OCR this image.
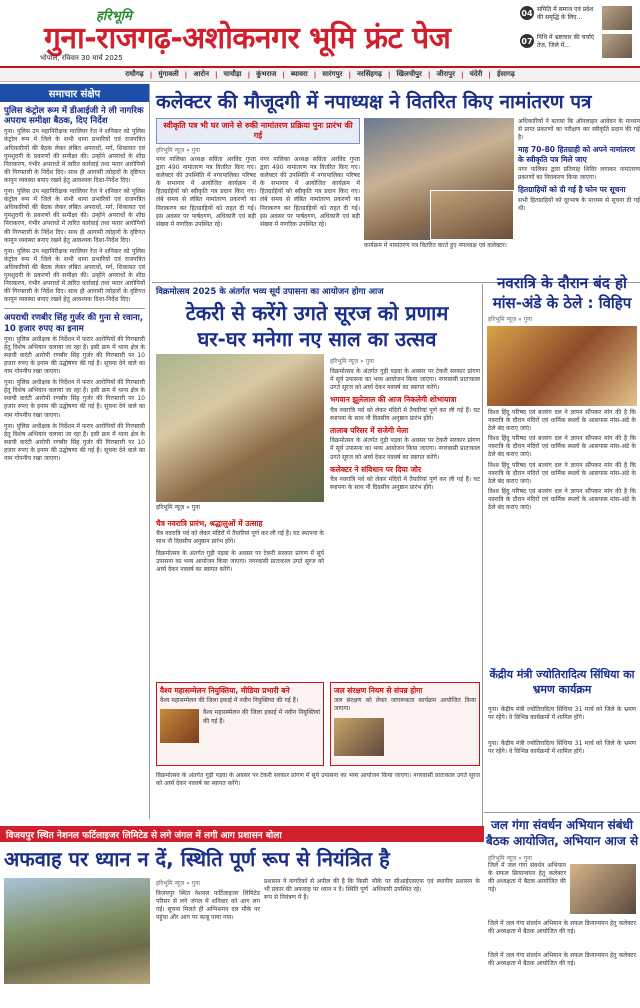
हरिभूमि
गुना-राजगढ़-अशोकनगर भूमि फ्रंट पेज
भोपाल, रविवार 30 मार्च 2025
04 समिति में समाज एवं प्रदेश की समृद्धि के लिए...
07 निधि में भ्रष्टाचार की चर्चाएं तेज, जिले में...
राघौगढ़ | मुंगावली | आरोन | चाचौड़ा | कुंभराज | ब्यावरा | सारंगपुर | नरसिंहगढ़ | खिलचीपुर | जीरापुर | चंदेरी | ईसागढ़
समाचार संक्षेप
पुलिस कंट्रोल रूम में डीआईजी ने ली नागरिक अपराध समीक्षा बैठक, दिए निर्देश
गुना। पुलिस उप महानिरीक्षक ग्वालियर रेंज ने शनिवार को पुलिस कंट्रोल रूम में जिले के सभी थाना प्रभारियों एवं राजपत्रित अधिकारियों की बैठक लेकर लंबित अपराधों, मर्ग, शिकायत एवं गुमशुदगी के प्रकरणों की समीक्षा की। उन्होंने अपराधों के शीघ्र निराकरण, गंभीर अपराधों में त्वरित कार्रवाई तथा फरार आरोपियों की गिरफ्तारी के निर्देश दिए। साथ ही आगामी त्योहारों के दृष्टिगत कानून व्यवस्था बनाए रखने हेतु आवश्यक दिशा-निर्देश दिए।
गुना। पुलिस उप महानिरीक्षक ग्वालियर रेंज ने शनिवार को पुलिस कंट्रोल रूम में जिले के सभी थाना प्रभारियों एवं राजपत्रित अधिकारियों की बैठक लेकर लंबित अपराधों, मर्ग, शिकायत एवं गुमशुदगी के प्रकरणों की समीक्षा की। उन्होंने अपराधों के शीघ्र निराकरण, गंभीर अपराधों में त्वरित कार्रवाई तथा फरार आरोपियों की गिरफ्तारी के निर्देश दिए। साथ ही आगामी त्योहारों के दृष्टिगत कानून व्यवस्था बनाए रखने हेतु आवश्यक दिशा-निर्देश दिए।
गुना। पुलिस उप महानिरीक्षक ग्वालियर रेंज ने शनिवार को पुलिस कंट्रोल रूम में जिले के सभी थाना प्रभारियों एवं राजपत्रित अधिकारियों की बैठक लेकर लंबित अपराधों, मर्ग, शिकायत एवं गुमशुदगी के प्रकरणों की समीक्षा की। उन्होंने अपराधों के शीघ्र निराकरण, गंभीर अपराधों में त्वरित कार्रवाई तथा फरार आरोपियों की गिरफ्तारी के निर्देश दिए। साथ ही आगामी त्योहारों के दृष्टिगत कानून व्यवस्था बनाए रखने हेतु आवश्यक दिशा-निर्देश दिए।
अपराधी रणबीर सिंह गुर्जर की गुना से रवाना, 10 हजार रुपए का इनाम
गुना। पुलिस अधीक्षक के निर्देशन में फरार आरोपियों की गिरफ्तारी हेतु विशेष अभियान चलाया जा रहा है। इसी क्रम में थाना क्षेत्र के स्थायी वारंटी आरोपी रणबीर सिंह गुर्जर की गिरफ्तारी पर 10 हजार रुपए के इनाम की उद्घोषणा की गई है। सूचना देने वाले का नाम गोपनीय रखा जाएगा।
गुना। पुलिस अधीक्षक के निर्देशन में फरार आरोपियों की गिरफ्तारी हेतु विशेष अभियान चलाया जा रहा है। इसी क्रम में थाना क्षेत्र के स्थायी वारंटी आरोपी रणबीर सिंह गुर्जर की गिरफ्तारी पर 10 हजार रुपए के इनाम की उद्घोषणा की गई है। सूचना देने वाले का नाम गोपनीय रखा जाएगा।
गुना। पुलिस अधीक्षक के निर्देशन में फरार आरोपियों की गिरफ्तारी हेतु विशेष अभियान चलाया जा रहा है। इसी क्रम में थाना क्षेत्र के स्थायी वारंटी आरोपी रणबीर सिंह गुर्जर की गिरफ्तारी पर 10 हजार रुपए के इनाम की उद्घोषणा की गई है। सूचना देने वाले का नाम गोपनीय रखा जाएगा।
कलेक्टर की मौजूदगी में नपाध्यक्ष ने वितरित किए नामांतरण पत्र
स्वीकृति पत्र भी घर जाने से रुकी नामांतरण प्रक्रिया पुनः प्रारंभ की गई
हरिभूमि न्यूज़ » गुना
नगर पालिका अध्यक्ष सविता अरविंद गुप्ता द्वारा 490 नामांतरण पत्र वितरित किए गए। कलेक्टर की उपस्थिति में नगरपालिका परिषद के सभागार में आयोजित कार्यक्रम में हितग्राहियों को स्वीकृति पत्र प्रदान किए गए। लंबे समय से लंबित नामांतरण प्रकरणों का निराकरण कर हितग्राहियों को राहत दी गई। इस अवसर पर पार्षदगण, अधिकारी एवं बड़ी संख्या में नागरिक उपस्थित रहे।
नगर पालिका अध्यक्ष सविता अरविंद गुप्ता द्वारा 490 नामांतरण पत्र वितरित किए गए। कलेक्टर की उपस्थिति में नगरपालिका परिषद के सभागार में आयोजित कार्यक्रम में हितग्राहियों को स्वीकृति पत्र प्रदान किए गए। लंबे समय से लंबित नामांतरण प्रकरणों का निराकरण कर हितग्राहियों को राहत दी गई। इस अवसर पर पार्षदगण, अधिकारी एवं बड़ी संख्या में नागरिक उपस्थित रहे।
कार्यक्रम में नामांतरण पत्र वितरित करते हुए नपाध्यक्ष एवं कलेक्टर।
अधिकारियों ने बताया कि ऑनलाइन आवेदन के माध्यम से प्राप्त प्रकरणों का परीक्षण कर स्वीकृति प्रदान की गई है।
माह 70-80 हितग्राही को अपने नामांतरण के स्वीकृति पत्र मिले जाए
नगर पालिका द्वारा प्रतिमाह शिविर लगाकर नामांतरण प्रकरणों का निराकरण किया जाएगा।
हितग्राहियों को दी गई है फोन पर सूचना
सभी हितग्राहियों को दूरभाष के माध्यम से सूचना दी गई थी।
विक्रमोत्सव 2025 के अंतर्गत भव्य सूर्य उपासना का आयोजन होगा आज
टेकरी से करेंगे उगते सूरज को प्रणाम
घर-घर मनेगा नए साल का उत्सव
हरिभूमि न्यूज़ » गुना
हरिभूमि न्यूज़ » गुना
विक्रमोत्सव के अंतर्गत गुड़ी पड़वा के अवसर पर टेकरी सरकार प्रांगण में सूर्य उपासना का भव्य आयोजन किया जाएगा। नगरवासी प्रातःकाल उगते सूरज को अर्घ्य देकर नववर्ष का स्वागत करेंगे।
भगवान झूलेलाल की आज निकलेगी शोभायात्रा
चैत्र नवरात्रि पर्व को लेकर मंदिरों में तैयारियां पूर्ण कर ली गई हैं। घट स्थापना के साथ नौ दिवसीय अनुष्ठान प्रारंभ होंगे।
तालाब परिसर में सजेगी मेला
विक्रमोत्सव के अंतर्गत गुड़ी पड़वा के अवसर पर टेकरी सरकार प्रांगण में सूर्य उपासना का भव्य आयोजन किया जाएगा। नगरवासी प्रातःकाल उगते सूरज को अर्घ्य देकर नववर्ष का स्वागत करेंगे।
कलेक्टर ने संविधान पर दिया जोर
चैत्र नवरात्रि पर्व को लेकर मंदिरों में तैयारियां पूर्ण कर ली गई हैं। घट स्थापना के साथ नौ दिवसीय अनुष्ठान प्रारंभ होंगे।
चैत्र नवरात्रि प्रारंभ, श्रद्धालुओं में उत्साह
चैत्र नवरात्रि पर्व को लेकर मंदिरों में तैयारियां पूर्ण कर ली गई हैं। घट स्थापना के साथ नौ दिवसीय अनुष्ठान प्रारंभ होंगे।
विक्रमोत्सव के अंतर्गत गुड़ी पड़वा के अवसर पर टेकरी सरकार प्रांगण में सूर्य उपासना का भव्य आयोजन किया जाएगा। नगरवासी प्रातःकाल उगते सूरज को अर्घ्य देकर नववर्ष का स्वागत करेंगे।
वैश्य महासम्मेलन नियुक्तिया, मीडिया प्रभारी बने
वैश्य महासम्मेलन की जिला इकाई में नवीन नियुक्तियां की गई हैं।
वैश्य महासम्मेलन की जिला इकाई में नवीन नियुक्तियां की गई हैं।
जल संरक्षण नियम से संपन्न होगा
जल संरक्षण को लेकर जागरूकता कार्यक्रम आयोजित किया जाएगा।
विक्रमोत्सव के अंतर्गत गुड़ी पड़वा के अवसर पर टेकरी सरकार प्रांगण में सूर्य उपासना का भव्य आयोजन किया जाएगा। नगरवासी प्रातःकाल उगते सूरज को अर्घ्य देकर नववर्ष का स्वागत करेंगे।
नवरात्रि के दौरान बंद हो मांस-अंडे के ठेले : विहिप
हरिभूमि न्यूज़ » गुना
विश्व हिंदू परिषद एवं बजरंग दल ने ज्ञापन सौंपकर मांग की है कि नवरात्रि के दौरान मंदिरों एवं धार्मिक स्थलों के आसपास मांस-अंडे के ठेले बंद कराए जाएं।
विश्व हिंदू परिषद एवं बजरंग दल ने ज्ञापन सौंपकर मांग की है कि नवरात्रि के दौरान मंदिरों एवं धार्मिक स्थलों के आसपास मांस-अंडे के ठेले बंद कराए जाएं।
विश्व हिंदू परिषद एवं बजरंग दल ने ज्ञापन सौंपकर मांग की है कि नवरात्रि के दौरान मंदिरों एवं धार्मिक स्थलों के आसपास मांस-अंडे के ठेले बंद कराए जाएं।
विश्व हिंदू परिषद एवं बजरंग दल ने ज्ञापन सौंपकर मांग की है कि नवरात्रि के दौरान मंदिरों एवं धार्मिक स्थलों के आसपास मांस-अंडे के ठेले बंद कराए जाएं।
केंद्रीय मंत्री ज्योतिरादित्य सिंधिया का भ्रमण कार्यक्रम
गुना। केंद्रीय मंत्री ज्योतिरादित्य सिंधिया 31 मार्च को जिले के भ्रमण पर रहेंगे। वे विभिन्न कार्यक्रमों में शामिल होंगे।
गुना। केंद्रीय मंत्री ज्योतिरादित्य सिंधिया 31 मार्च को जिले के भ्रमण पर रहेंगे। वे विभिन्न कार्यक्रमों में शामिल होंगे।
जल गंगा संवर्धन अभियान संबंधी बैठक आयोजित, अभियान आज से
हरिभूमि न्यूज़ » गुना
जिले में जल गंगा संवर्धन अभियान के सफल क्रियान्वयन हेतु कलेक्टर की अध्यक्षता में बैठक आयोजित की गई।
जिले में जल गंगा संवर्धन अभियान के सफल क्रियान्वयन हेतु कलेक्टर की अध्यक्षता में बैठक आयोजित की गई।
जिले में जल गंगा संवर्धन अभियान के सफल क्रियान्वयन हेतु कलेक्टर की अध्यक्षता में बैठक आयोजित की गई।
विजयपुर स्थित नेशनल फर्टिलाइजर लिमिटेड से लगे जंगल में लगी आग प्रशासन बोला
अफवाह पर ध्यान न दें, स्थिति पूर्ण रूप से नियंत्रित है
हरिभूमि न्यूज़ » गुना
विजयपुर स्थित नेशनल फर्टिलाइजर लिमिटेड परिसर से लगे जंगल में शनिवार को आग लग गई। सूचना मिलते ही अग्निशमन दल मौके पर पहुंचा और आग पर काबू पाया गया।
प्रशासन ने नागरिकों से अपील की है कि किसी भी प्रकार की अफवाह पर ध्यान न दें। स्थिति पूर्ण रूप से नियंत्रण में है।
मौके पर सीआईएसएफ एवं स्थानीय प्रशासन के अधिकारी उपस्थित रहे।
